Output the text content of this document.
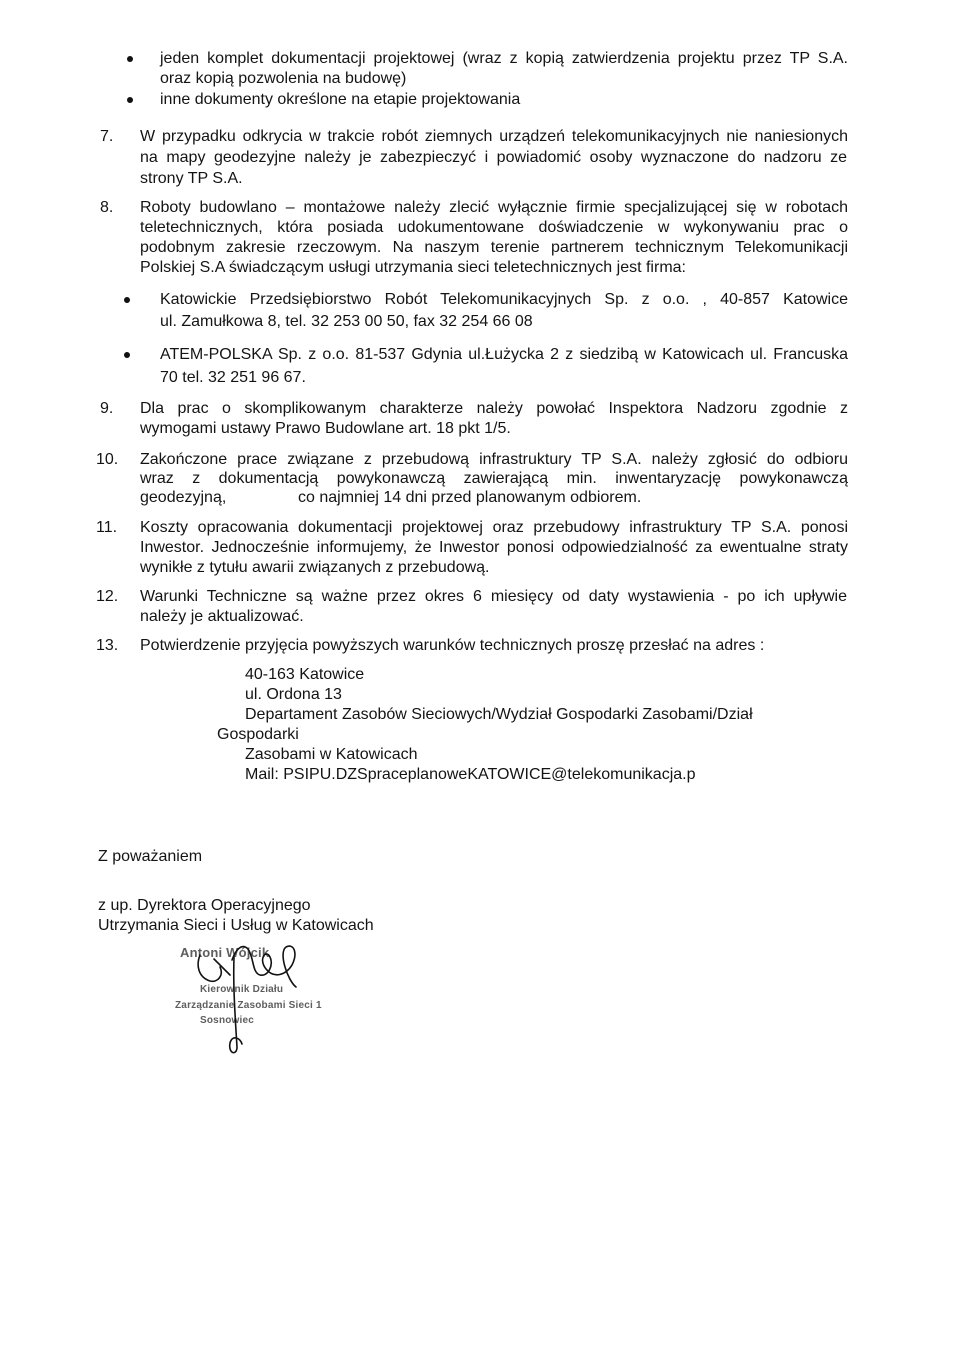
jeden komplet dokumentacji projektowej (wraz z kopią zatwierdzenia projektu przez TP S.A.
oraz kopią pozwolenia na budowę)
inne dokumenty określone na etapie projektowania
7. W przypadku odkrycia w trakcie robót ziemnych urządzeń telekomunikacyjnych nie naniesionych
na mapy geodezyjne należy je zabezpieczyć i powiadomić osoby wyznaczone do nadzoru ze
strony TP S.A.
8. Roboty budowlano – montażowe należy zlecić wyłącznie firmie specjalizującej się w robotach
teletechnicznych, która posiada udokumentowane doświadczenie w wykonywaniu prac o
podobnym zakresie rzeczowym. Na naszym terenie partnerem technicznym Telekomunikacji
Polskiej S.A świadczącym usługi utrzymania sieci teletechnicznych jest firma:
Katowickie Przedsiębiorstwo Robót Telekomunikacyjnych Sp. z o.o. , 40-857 Katowice
ul. Zamułkowa 8, tel. 32 253 00 50, fax 32 254 66 08
ATEM-POLSKA Sp. z o.o. 81-537 Gdynia ul.Łużycka 2 z siedzibą w Katowicach ul. Francuska
70 tel. 32 251 96 67.
9. Dla prac o skomplikowanym charakterze należy powołać Inspektora Nadzoru zgodnie z
wymogami ustawy Prawo Budowlane art. 18 pkt 1/5.
10. Zakończone prace związane z przebudową infrastruktury TP S.A. należy zgłosić do odbioru
wraz z dokumentacją powykonawczą zawierającą min. inwentaryzację powykonawczą
geodezyjną,	co najmniej 14 dni przed planowanym odbiorem.
11. Koszty opracowania dokumentacji projektowej oraz przebudowy infrastruktury TP S.A. ponosi
Inwestor. Jednocześnie informujemy, że Inwestor ponosi odpowiedzialność za ewentualne straty
wynikłe z tytułu awarii związanych z przebudową.
12. Warunki Techniczne są ważne przez okres 6 miesięcy od daty wystawienia - po ich upływie
należy je aktualizować.
13. Potwierdzenie przyjęcia powyższych warunków technicznych proszę przesłać na adres :
40-163 Katowice
ul. Ordona 13
Departament Zasobów Sieciowych/Wydział Gospodarki Zasobami/Dział
Gospodarki
Zasobami w Katowicach
Mail: PSIPU.DZSpraceplanoweKATOWICE@telekomunikacja.p
Z poważaniem
z up. Dyrektora Operacyjnego
Utrzymania Sieci i Usług w Katowicach
Antoni Wójcik
Kierownik Działu
Zarządzanie Zasobami Sieci 1
Sosnowiec
